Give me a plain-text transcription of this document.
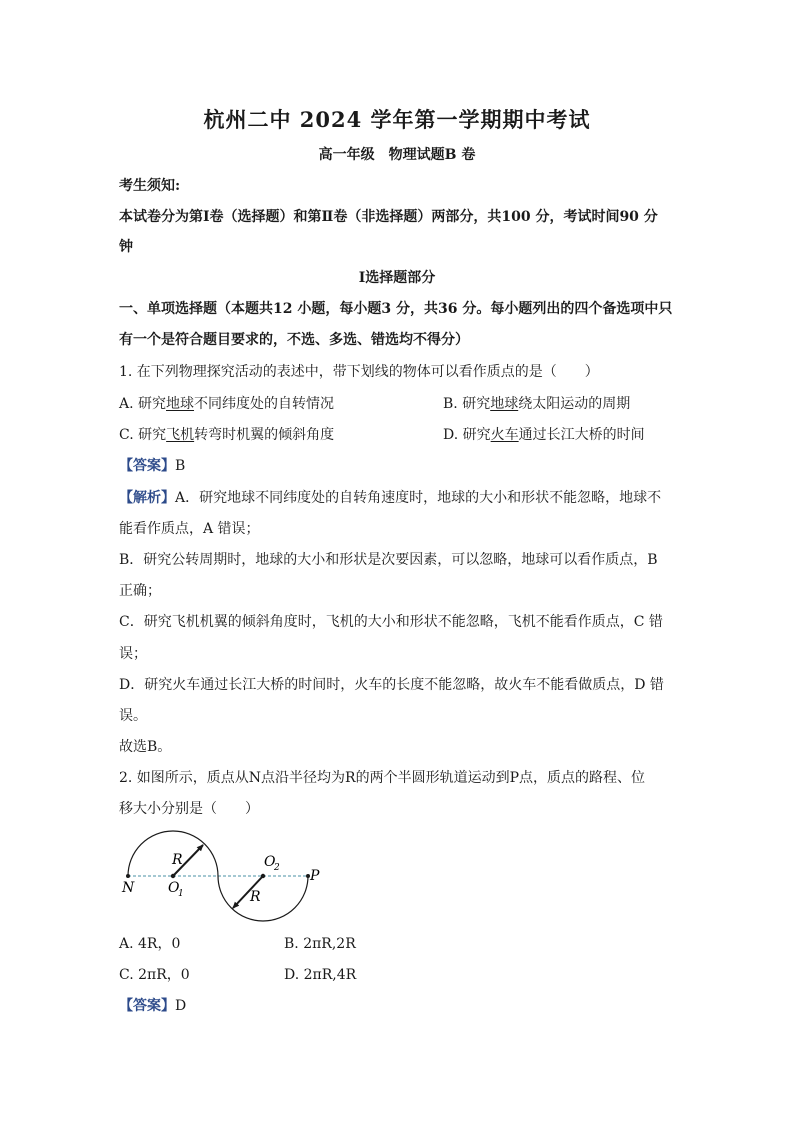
杭州二中 2024 学年第一学期期中考试
高一年级　物理试题B 卷
考生须知:
本试卷分为第Ⅰ卷（选择题）和第Ⅱ卷（非选择题）两部分，共100 分，考试时间90 分
钟
Ⅰ选择题部分
一、单项选择题（本题共12 小题，每小题3 分，共36 分。每小题列出的四个备选项中只
有一个是符合题目要求的，不选、多选、错选均不得分）
1. 在下列物理探究活动的表述中，带下划线的物体可以看作质点的是（　　）
A. 研究地球不同纬度处的自转情况	B. 研究地球绕太阳运动的周期
C. 研究飞机转弯时机翼的倾斜角度	D. 研究火车通过长江大桥的时间
【答案】B
【解析】A．研究地球不同纬度处的自转角速度时，地球的大小和形状不能忽略，地球不
能看作质点，A 错误；
B．研究公转周期时，地球的大小和形状是次要因素，可以忽略，地球可以看作质点，B
正确；
C．研究飞机机翼的倾斜角度时，飞机的大小和形状不能忽略，飞机不能看作质点，C 错
误；
D．研究火车通过长江大桥的时间时，火车的长度不能忽略，故火车不能看做质点，D 错
误。
故选B。
2. 如图所示，质点从N点沿半径均为R的两个半圆形轨道运动到P点，质点的路程、位
移大小分别是（　　）
N
P
R
R
O
1
O
2
A. 4R，0	B. 2πR,2R
C. 2πR，0	D. 2πR,4R
【答案】D
